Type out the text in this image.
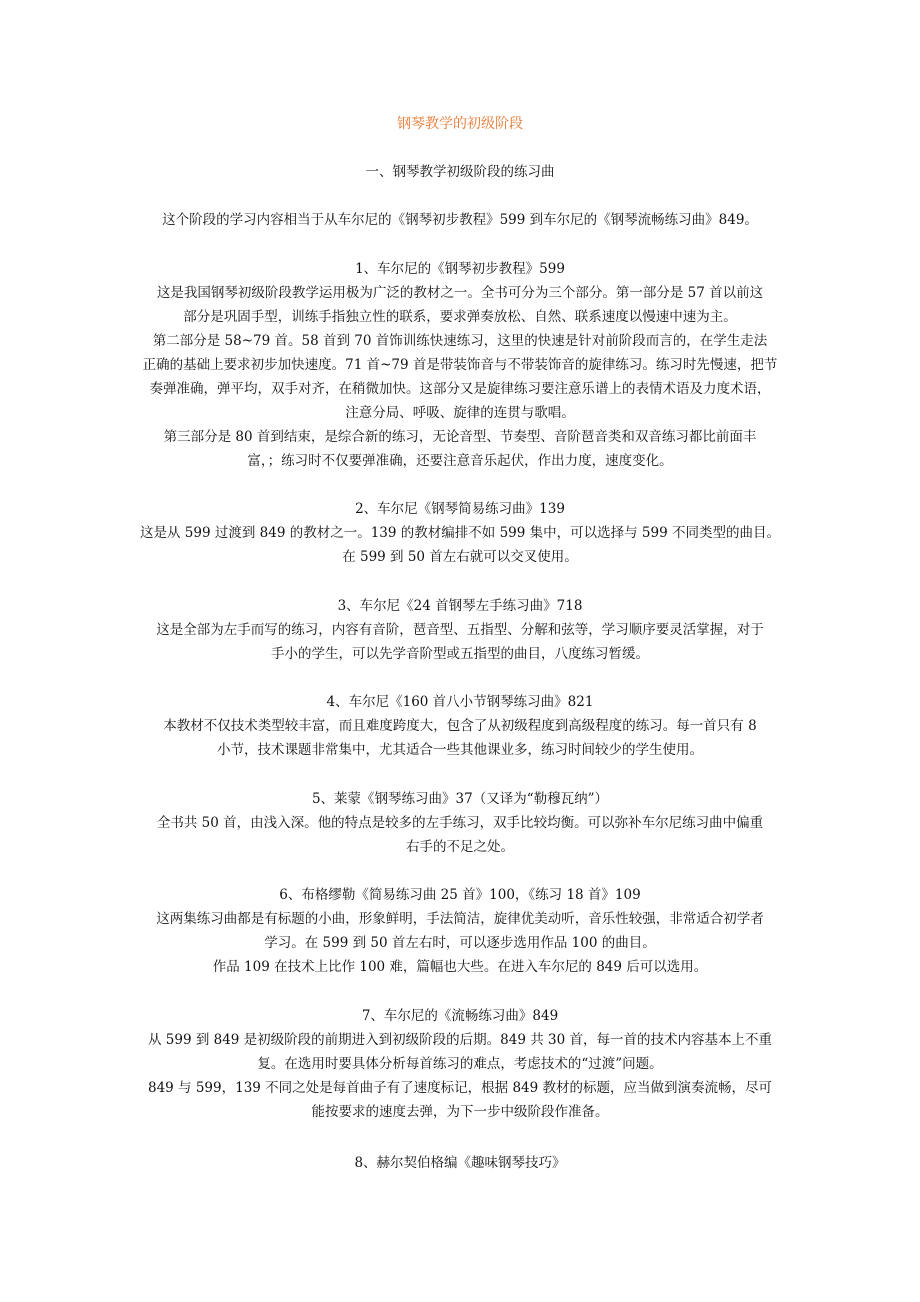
钢琴教学的初级阶段
一、钢琴教学初级阶段的练习曲
这个阶段的学习内容相当于从车尔尼的《钢琴初步教程》599 到车尔尼的《钢琴流畅练习曲》849。
1、车尔尼的《钢琴初步教程》599
这是我国钢琴初级阶段教学运用极为广泛的教材之一。全书可分为三个部分。第一部分是 57 首以前这
部分是巩固手型，训练手指独立性的联系，要求弹奏放松、自然、联系速度以慢速中速为主。
第二部分是 58~79 首。58 首到 70 首饰训练快速练习，这里的快速是针对前阶段而言的，在学生走法
正确的基础上要求初步加快速度。71 首~79 首是带装饰音与不带装饰音的旋律练习。练习时先慢速，把节
奏弹准确，弹平均，双手对齐，在稍微加快。这部分又是旋律练习要注意乐谱上的表情术语及力度术语，
注意分局、呼吸、旋律的连贯与歌唱。
第三部分是 80 首到结束，是综合新的练习，无论音型、节奏型、音阶琶音类和双音练习都比前面丰
富，；练习时不仅要弹准确，还要注意音乐起伏，作出力度，速度变化。
2、车尔尼《钢琴简易练习曲》139
这是从 599 过渡到 849 的教材之一。139 的教材编排不如 599 集中，可以选择与 599 不同类型的曲目。
在 599 到 50 首左右就可以交叉使用。
3、车尔尼《24 首钢琴左手练习曲》718
这是全部为左手而写的练习，内容有音阶，琶音型、五指型、分解和弦等，学习顺序要灵活掌握，对于
手小的学生，可以先学音阶型或五指型的曲目，八度练习暂缓。
4、车尔尼《160 首八小节钢琴练习曲》821
本教材不仅技术类型较丰富，而且难度跨度大，包含了从初级程度到高级程度的练习。每一首只有 8
小节，技术课题非常集中，尤其适合一些其他课业多，练习时间较少的学生使用。
5、莱蒙《钢琴练习曲》37（又译为“勒穆瓦纳”）
全书共 50 首，由浅入深。他的特点是较多的左手练习，双手比较均衡。可以弥补车尔尼练习曲中偏重
右手的不足之处。
6、布格缪勒《简易练习曲 25 首》100，《练习 18 首》109
这两集练习曲都是有标题的小曲，形象鲜明，手法简洁，旋律优美动听，音乐性较强，非常适合初学者
学习。在 599 到 50 首左右时，可以逐步选用作品 100 的曲目。
作品 109 在技术上比作 100 难，篇幅也大些。在进入车尔尼的 849 后可以选用。
7、车尔尼的《流畅练习曲》849
从 599 到 849 是初级阶段的前期进入到初级阶段的后期。849 共 30 首，每一首的技术内容基本上不重
复。在选用时要具体分析每首练习的难点，考虑技术的“过渡”问题。
849 与 599，139 不同之处是每首曲子有了速度标记，根据 849 教材的标题，应当做到演奏流畅，尽可
能按要求的速度去弹，为下一步中级阶段作准备。
8、赫尔契伯格编《趣味钢琴技巧》
